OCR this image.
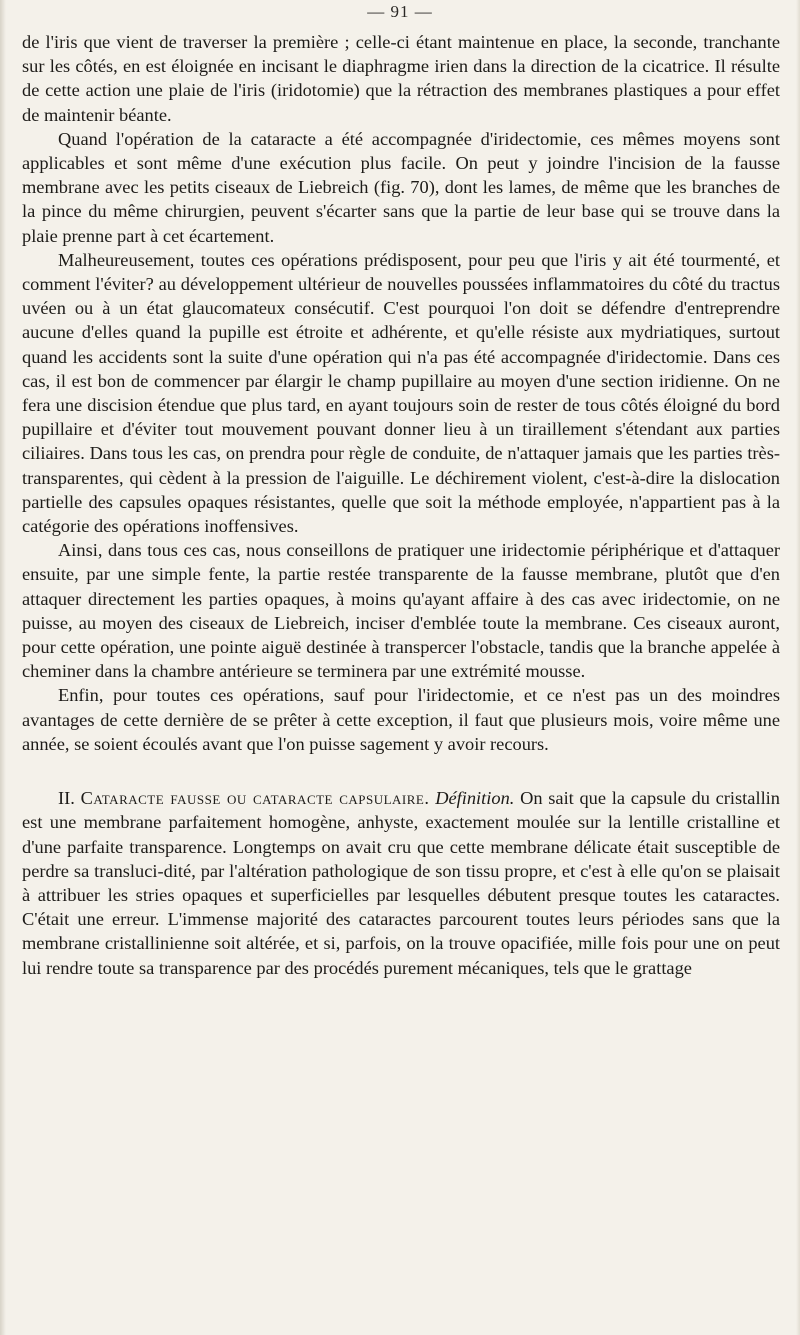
— 91 —

de l'iris que vient de traverser la première ; celle-ci étant maintenue en place, la seconde, tranchante sur les côtés, en est éloignée en incisant le diaphragme irien dans la direction de la cicatrice. Il résulte de cette action une plaie de l'iris (iridotomie) que la rétraction des membranes plastiques a pour effet de maintenir béante.

Quand l'opération de la cataracte a été accompagnée d'iridectomie, ces mêmes moyens sont applicables et sont même d'une exécution plus facile. On peut y joindre l'incision de la fausse membrane avec les petits ciseaux de Liebreich (fig. 70), dont les lames, de même que les branches de la pince du même chirurgien, peuvent s'écarter sans que la partie de leur base qui se trouve dans la plaie prenne part à cet écartement.

Malheureusement, toutes ces opérations prédisposent, pour peu que l'iris y ait été tourmenté, et comment l'éviter? au développement ultérieur de nouvelles poussées inflammatoires du côté du tractus uvéen ou à un état glaucomateux consécutif. C'est pourquoi l'on doit se défendre d'entreprendre aucune d'elles quand la pupille est étroite et adhérente, et qu'elle résiste aux mydriatiques, surtout quand les accidents sont la suite d'une opération qui n'a pas été accompagnée d'iridectomie. Dans ces cas, il est bon de commencer par élargir le champ pupillaire au moyen d'une section iridienne. On ne fera une discision étendue que plus tard, en ayant toujours soin de rester de tous côtés éloigné du bord pupillaire et d'éviter tout mouvement pouvant donner lieu à un tiraillement s'étendant aux parties ciliaires. Dans tous les cas, on prendra pour règle de conduite, de n'attaquer jamais que les parties très-transparentes, qui cèdent à la pression de l'aiguille. Le déchirement violent, c'est-à-dire la dislocation partielle des capsules opaques résistantes, quelle que soit la méthode employée, n'appartient pas à la catégorie des opérations inoffensives.

Ainsi, dans tous ces cas, nous conseillons de pratiquer une iridectomie périphérique et d'attaquer ensuite, par une simple fente, la partie restée transparente de la fausse membrane, plutôt que d'en attaquer directement les parties opaques, à moins qu'ayant affaire à des cas avec iridectomie, on ne puisse, au moyen des ciseaux de Liebreich, inciser d'emblée toute la membrane. Ces ciseaux auront, pour cette opération, une pointe aiguë destinée à transpercer l'obstacle, tandis que la branche appelée à cheminer dans la chambre antérieure se terminera par une extrémité mousse.

Enfin, pour toutes ces opérations, sauf pour l'iridectomie, et ce n'est pas un des moindres avantages de cette dernière de se prêter à cette exception, il faut que plusieurs mois, voire même une année, se soient écoulés avant que l'on puisse sagement y avoir recours.

II. Cataracte fausse ou cataracte capsulaire. Définition. On sait que la capsule du cristallin est une membrane parfaitement homogène, anhyste, exactement moulée sur la lentille cristalline et d'une parfaite transparence. Longtemps on avait cru que cette membrane délicate était susceptible de perdre sa transluci-dité, par l'altération pathologique de son tissu propre, et c'est à elle qu'on se plaisait à attribuer les stries opaques et superficielles par lesquelles débutent presque toutes les cataractes. C'était une erreur. L'immense majorité des cataractes parcourent toutes leurs périodes sans que la membrane cristallinienne soit altérée, et si, parfois, on la trouve opacifiée, mille fois pour une on peut lui rendre toute sa transparence par des procédés purement mécaniques, tels que le grattage
